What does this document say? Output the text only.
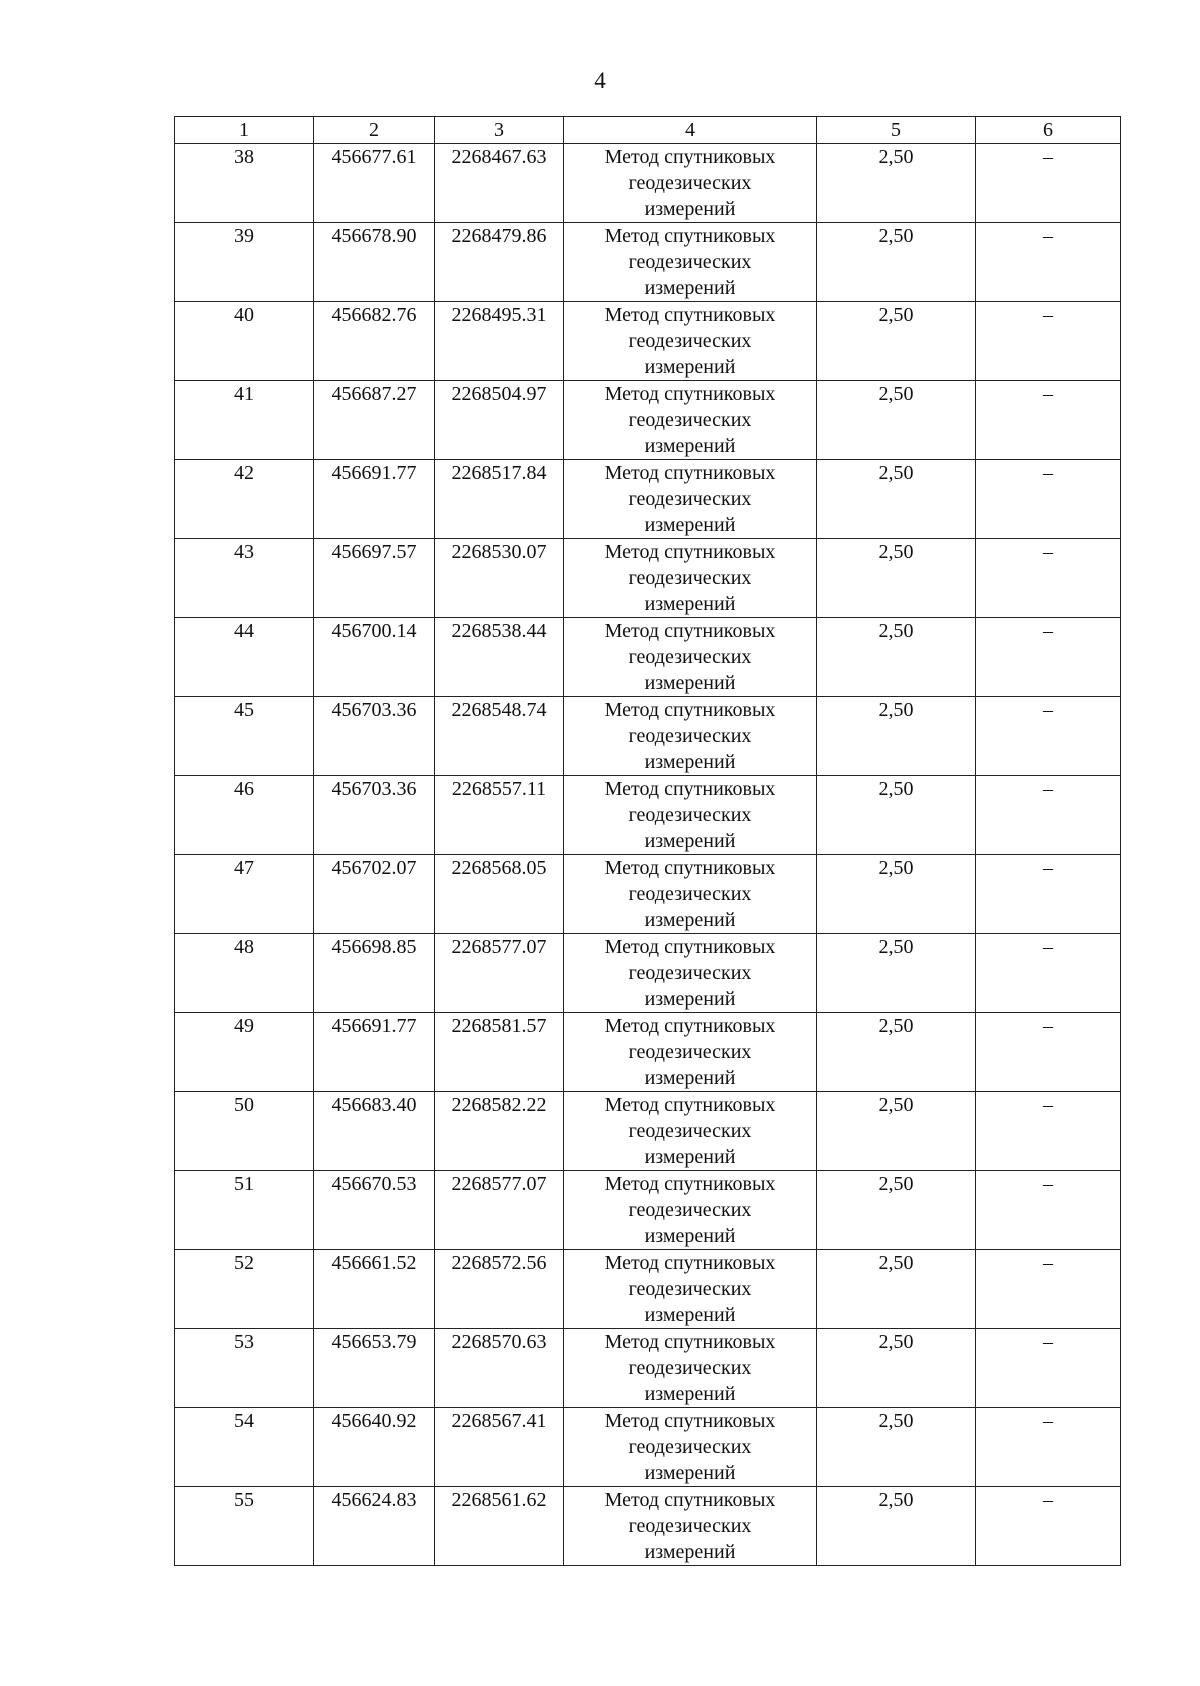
4
1	2	3	4	5	6
38	456677.61	2268467.63	Метод спутниковых геодезических измерений	2,50	–
39	456678.90	2268479.86	Метод спутниковых геодезических измерений	2,50	–
40	456682.76	2268495.31	Метод спутниковых геодезических измерений	2,50	–
41	456687.27	2268504.97	Метод спутниковых геодезических измерений	2,50	–
42	456691.77	2268517.84	Метод спутниковых геодезических измерений	2,50	–
43	456697.57	2268530.07	Метод спутниковых геодезических измерений	2,50	–
44	456700.14	2268538.44	Метод спутниковых геодезических измерений	2,50	–
45	456703.36	2268548.74	Метод спутниковых геодезических измерений	2,50	–
46	456703.36	2268557.11	Метод спутниковых геодезических измерений	2,50	–
47	456702.07	2268568.05	Метод спутниковых геодезических измерений	2,50	–
48	456698.85	2268577.07	Метод спутниковых геодезических измерений	2,50	–
49	456691.77	2268581.57	Метод спутниковых геодезических измерений	2,50	–
50	456683.40	2268582.22	Метод спутниковых геодезических измерений	2,50	–
51	456670.53	2268577.07	Метод спутниковых геодезических измерений	2,50	–
52	456661.52	2268572.56	Метод спутниковых геодезических измерений	2,50	–
53	456653.79	2268570.63	Метод спутниковых геодезических измерений	2,50	–
54	456640.92	2268567.41	Метод спутниковых геодезических измерений	2,50	–
55	456624.83	2268561.62	Метод спутниковых геодезических измерений	2,50	–
